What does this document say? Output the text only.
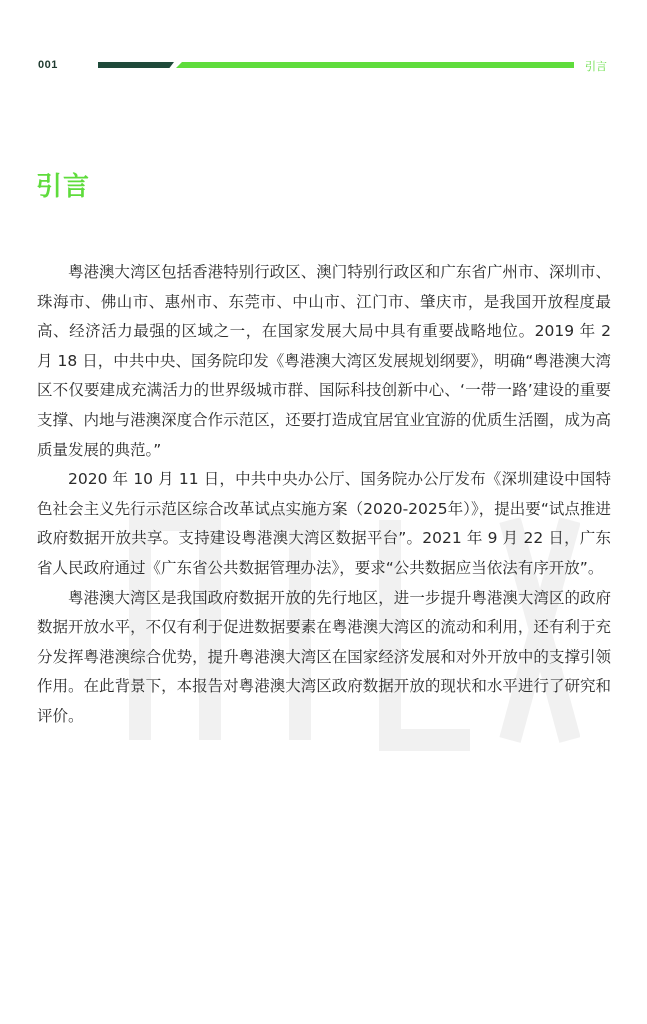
001	引言
引言

粤港澳大湾区包括香港特别行政区、澳门特别行政区和广东省广州市、深圳市、珠海市、佛山市、惠州市、东莞市、中山市、江门市、肇庆市，是我国开放程度最高、经济活力最强的区域之一，在国家发展大局中具有重要战略地位。2019 年 2 月 18 日，中共中央、国务院印发《粤港澳大湾区发展规划纲要》，明确“粤港澳大湾区不仅要建成充满活力的世界级城市群、国际科技创新中心、‘一带一路’建设的重要支撑、内地与港澳深度合作示范区，还要打造成宜居宜业宜游的优质生活圈，成为高质量发展的典范。”

2020 年 10 月 11 日，中共中央办公厅、国务院办公厅发布《深圳建设中国特色社会主义先行示范区综合改革试点实施方案（2020-2025年）》，提出要“试点推进政府数据开放共享。支持建设粤港澳大湾区数据平台”。2021 年 9 月 22 日，广东省人民政府通过《广东省公共数据管理办法》，要求“公共数据应当依法有序开放”。

粤港澳大湾区是我国政府数据开放的先行地区，进一步提升粤港澳大湾区的政府数据开放水平，不仅有利于促进数据要素在粤港澳大湾区的流动和利用，还有利于充分发挥粤港澳综合优势，提升粤港澳大湾区在国家经济发展和对外开放中的支撑引领作用。在此背景下，本报告对粤港澳大湾区政府数据开放的现状和水平进行了研究和评价。
